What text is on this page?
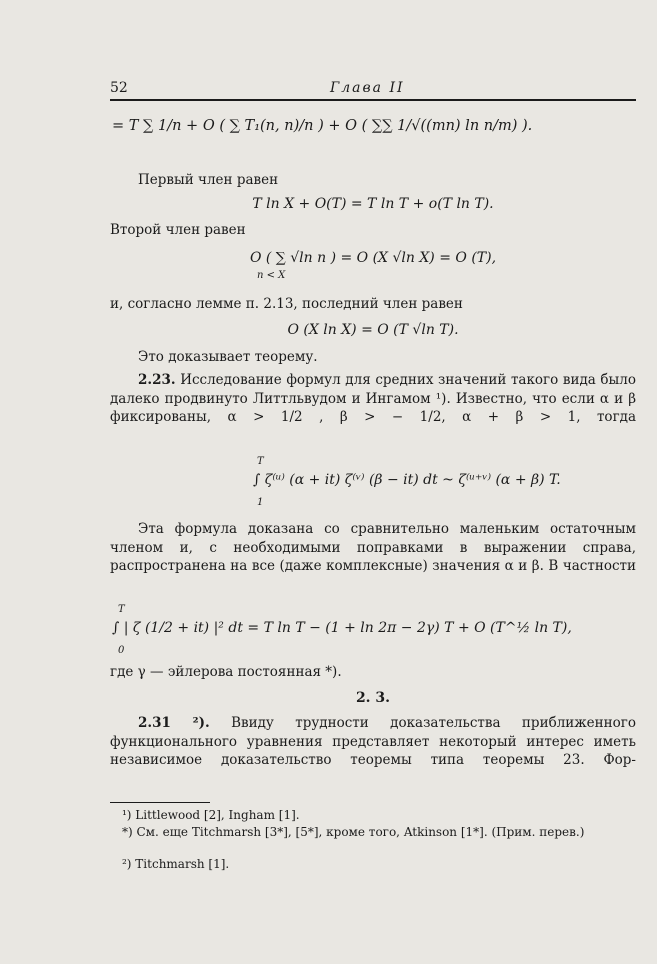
52	Глава II
= T ∑ 1/n + O ( ∑ T₁(n, n)/n ) + O ( ∑∑ 1/√((mn) ln n/m) ).
Первый член равен
T ln X + O(T) = T ln T + o(T ln T).
Второй член равен
O ( ∑ √ln n ) = O (X √ln X) = O (T),
n < X
и, согласно лемме п. 2.13, последний член равен
O (X ln X) = O (T √ln T).
Это доказывает теорему.
2.23. Исследование формул для средних значений такого вида было далеко продвинуто Литтльвудом и Ингамом ¹). Известно, что если α и β фиксированы, α > 1/2 , β > − 1/2, α + β > 1, тогда
T
∫ ζ⁽ᵘ⁾ (α + it) ζ⁽ᵛ⁾ (β − it) dt ~ ζ⁽ᵘ⁺ᵛ⁾ (α + β) T.
1
Эта формула доказана со сравнительно маленьким остаточным членом и, с необходимыми поправками в выражении справа, распространена на все (даже комплексные) значения α и β. В частности
T
∫ | ζ (1/2 + it) |² dt = T ln T − (1 + ln 2π − 2γ) T + O (T^½ ln T),
0
где γ — эйлерова постоянная *).
2. 3.
2.31 ²). Ввиду трудности доказательства приближенного функционального уравнения представляет некоторый интерес иметь независимое доказательство теоремы типа теоремы 23. Фор-
¹) Littlewood [2], Ingham [1].
*) См. еще Titchmarsh [3*], [5*], кроме того, Atkinson [1*]. (Прим. перев.)
²) Titchmarsh [1].
